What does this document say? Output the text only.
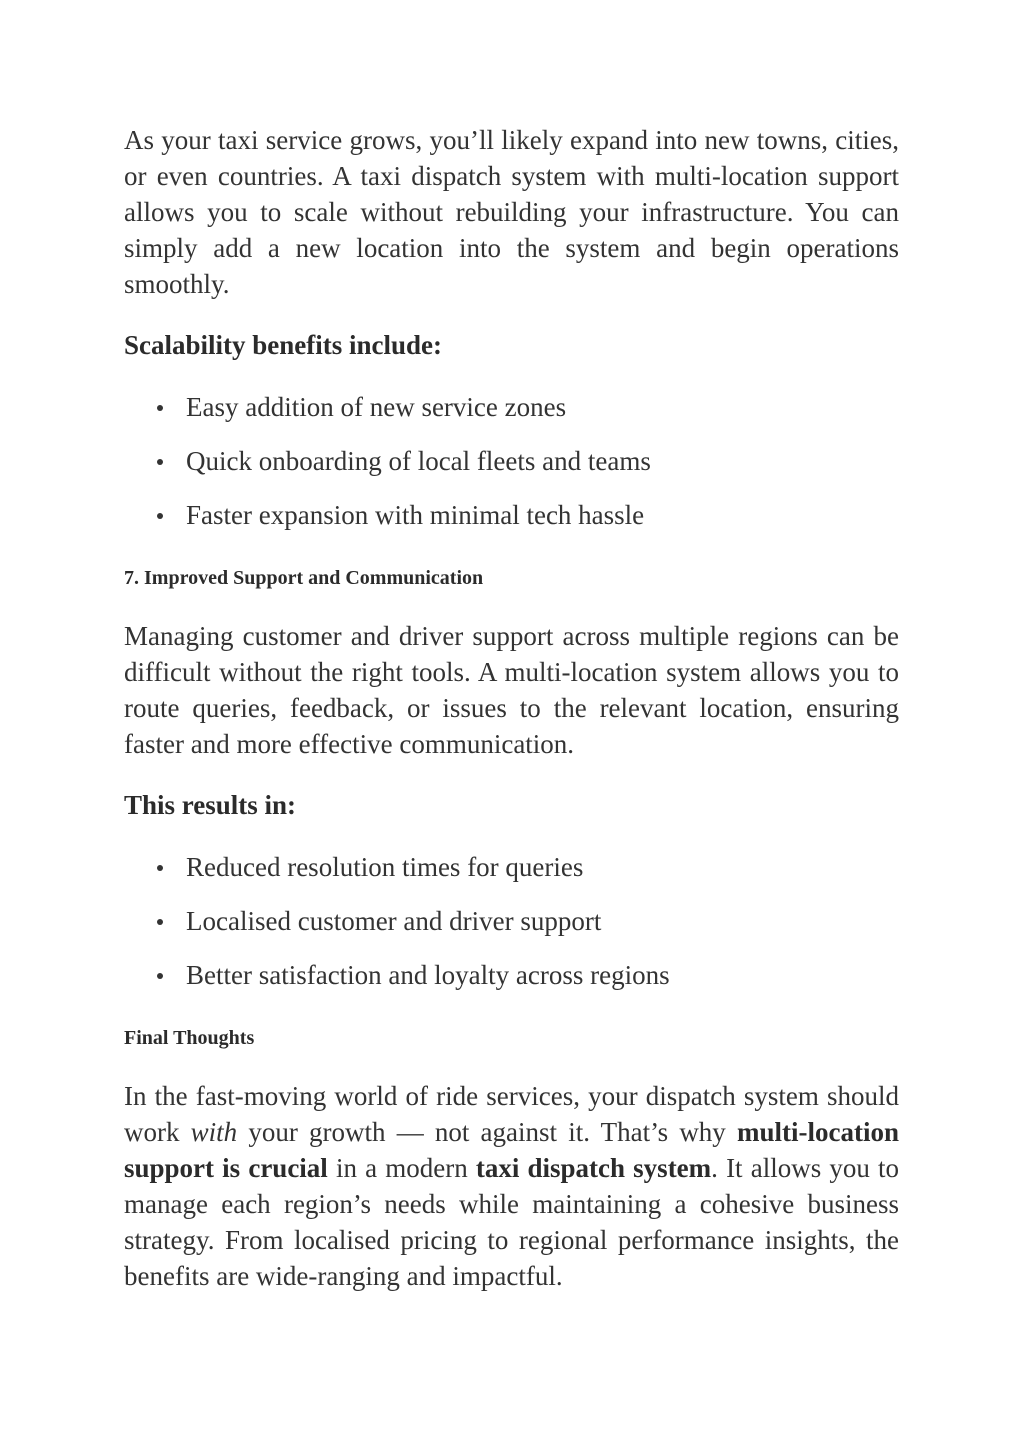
As your taxi service grows, you’ll likely expand into new towns, cities, or even countries. A taxi dispatch system with multi-location support allows you to scale without rebuilding your infrastructure. You can simply add a new location into the system and begin operations smoothly.

Scalability benefits include:
Easy addition of new service zones
Quick onboarding of local fleets and teams
Faster expansion with minimal tech hassle
7. Improved Support and Communication

Managing customer and driver support across multiple regions can be difficult without the right tools. A multi-location system allows you to route queries, feedback, or issues to the relevant location, ensuring faster and more effective communication.

This results in:
Reduced resolution times for queries
Localised customer and driver support
Better satisfaction and loyalty across regions
Final Thoughts

In the fast-moving world of ride services, your dispatch system should work with your growth — not against it. That’s why multi-location support is crucial in a modern taxi dispatch system. It allows you to manage each region’s needs while maintaining a cohesive business strategy. From localised pricing to regional performance insights, the benefits are wide-ranging and impactful.
